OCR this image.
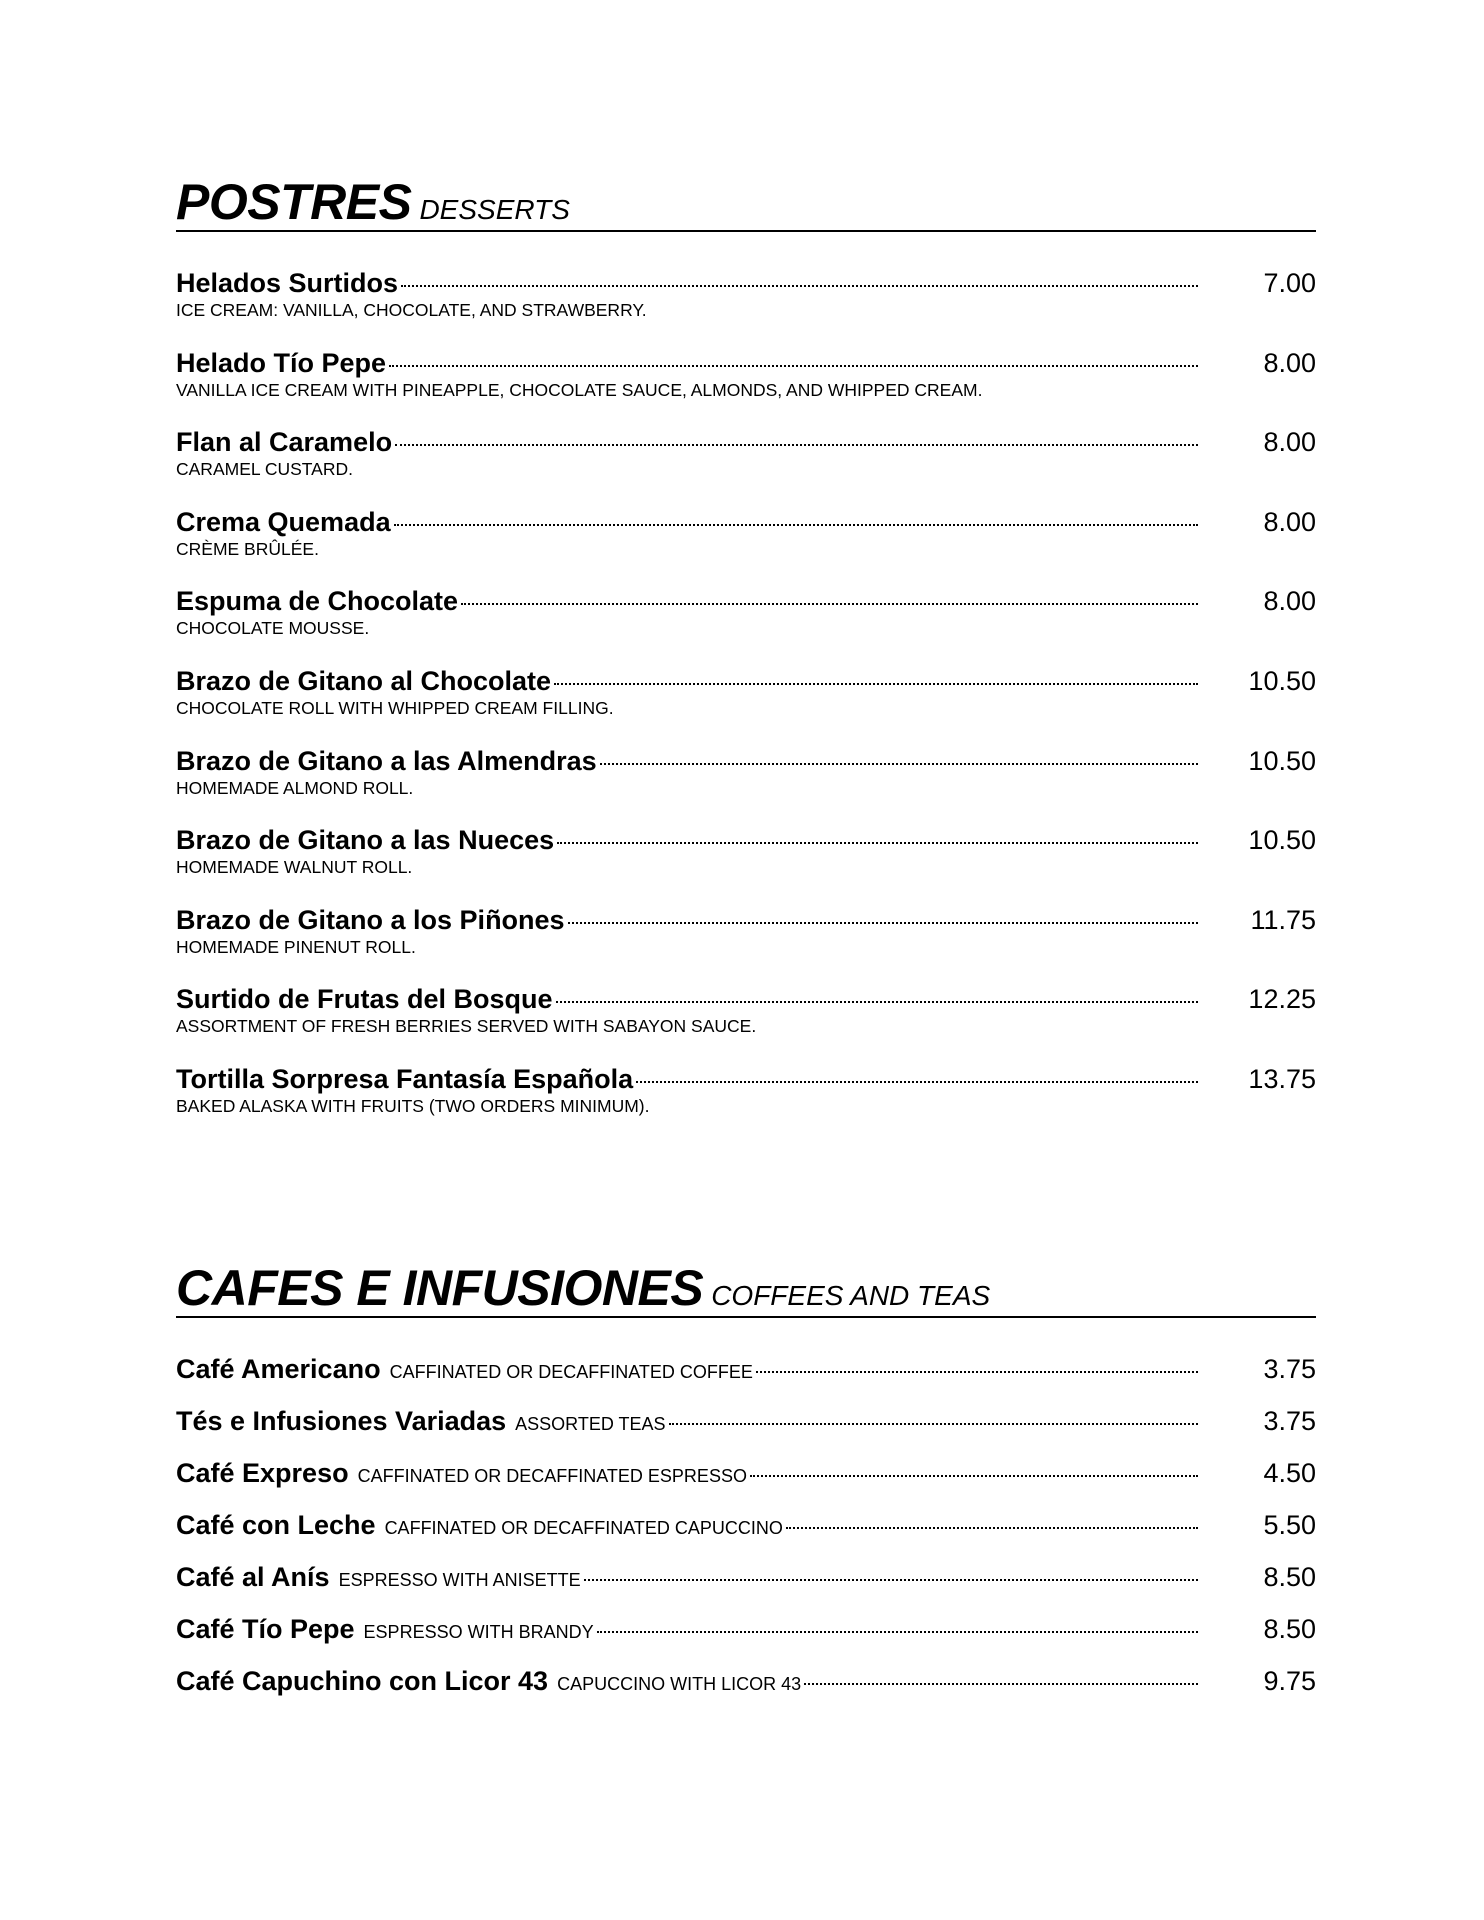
POSTRES DESSERTS
Helados Surtidos	7.00
ICE CREAM: VANILLA, CHOCOLATE, AND STRAWBERRY.
Helado Tío Pepe	8.00
VANILLA ICE CREAM WITH PINEAPPLE, CHOCOLATE SAUCE, ALMONDS, AND WHIPPED CREAM.
Flan al Caramelo	8.00
CARAMEL CUSTARD.
Crema Quemada	8.00
CRÈME BRÛLÉE.
Espuma de Chocolate	8.00
CHOCOLATE MOUSSE.
Brazo de Gitano al Chocolate	10.50
CHOCOLATE ROLL WITH WHIPPED CREAM FILLING.
Brazo de Gitano a las Almendras	10.50
HOMEMADE ALMOND ROLL.
Brazo de Gitano a las Nueces	10.50
HOMEMADE WALNUT ROLL.
Brazo de Gitano a los Piñones	11.75
HOMEMADE PINENUT ROLL.
Surtido de Frutas del Bosque	12.25
ASSORTMENT OF FRESH BERRIES SERVED WITH SABAYON SAUCE.
Tortilla Sorpresa Fantasía Española	13.75
BAKED ALASKA WITH FRUITS (TWO ORDERS MINIMUM).
CAFES E INFUSIONES COFFEES AND TEAS
Café Americano CAFFINATED OR DECAFFINATED COFFEE	3.75
Tés e Infusiones Variadas ASSORTED TEAS	3.75
Café Expreso CAFFINATED OR DECAFFINATED ESPRESSO	4.50
Café con Leche CAFFINATED OR DECAFFINATED CAPUCCINO	5.50
Café al Anís ESPRESSO WITH ANISETTE	8.50
Café Tío Pepe ESPRESSO WITH BRANDY	8.50
Café Capuchino con Licor 43 CAPUCCINO WITH LICOR 43	9.75
